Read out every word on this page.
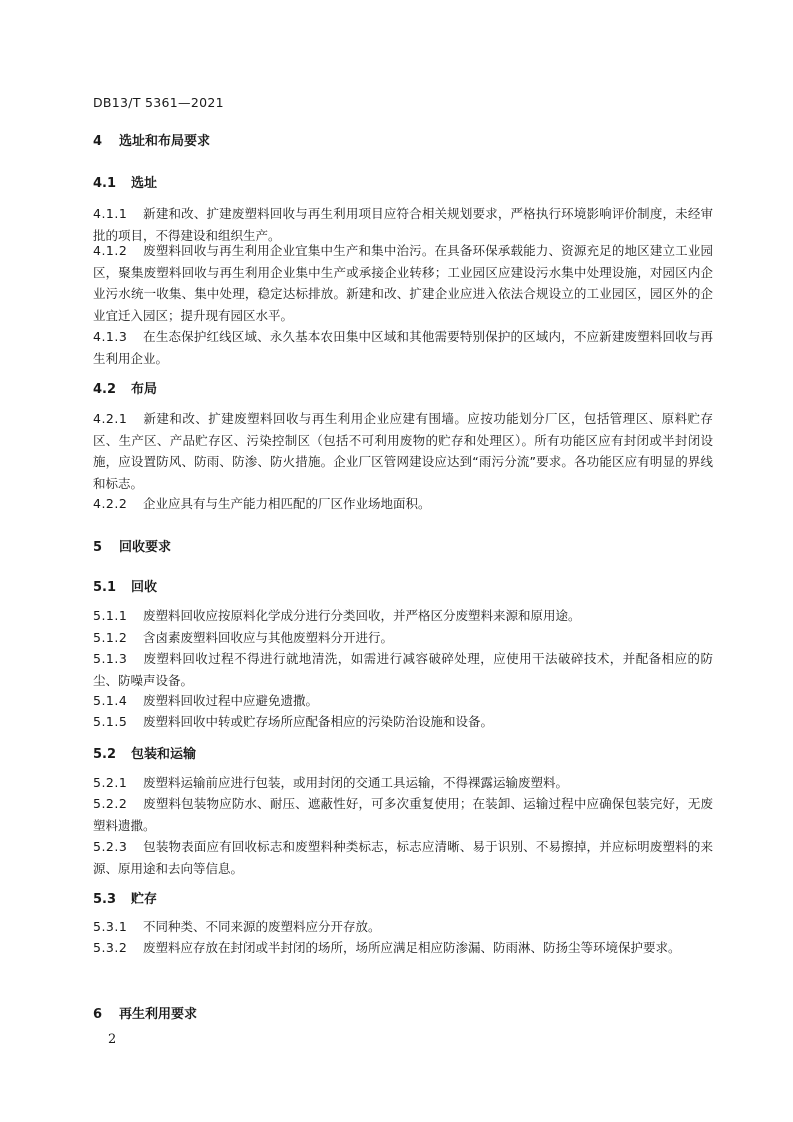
DB13/T 5361—2021
4 选址和布局要求
4.1 选址
4.1.1 新建和改、扩建废塑料回收与再生利用项目应符合相关规划要求，严格执行环境影响评价制度，未经审批的项目，不得建设和组织生产。
4.1.2 废塑料回收与再生利用企业宜集中生产和集中治污。在具备环保承载能力、资源充足的地区建立工业园区，聚集废塑料回收与再生利用企业集中生产或承接企业转移；工业园区应建设污水集中处理设施，对园区内企业污水统一收集、集中处理，稳定达标排放。新建和改、扩建企业应进入依法合规设立的工业园区，园区外的企业宜迁入园区；提升现有园区水平。
4.1.3 在生态保护红线区域、永久基本农田集中区域和其他需要特别保护的区域内，不应新建废塑料回收与再生利用企业。
4.2 布局
4.2.1 新建和改、扩建废塑料回收与再生利用企业应建有围墙。应按功能划分厂区，包括管理区、原料贮存区、生产区、产品贮存区、污染控制区（包括不可利用废物的贮存和处理区）。所有功能区应有封闭或半封闭设施，应设置防风、防雨、防渗、防火措施。企业厂区管网建设应达到“雨污分流”要求。各功能区应有明显的界线和标志。
4.2.2 企业应具有与生产能力相匹配的厂区作业场地面积。
5 回收要求
5.1 回收
5.1.1 废塑料回收应按原料化学成分进行分类回收，并严格区分废塑料来源和原用途。
5.1.2 含卤素废塑料回收应与其他废塑料分开进行。
5.1.3 废塑料回收过程不得进行就地清洗，如需进行减容破碎处理，应使用干法破碎技术，并配备相应的防尘、防噪声设备。
5.1.4 废塑料回收过程中应避免遗撒。
5.1.5 废塑料回收中转或贮存场所应配备相应的污染防治设施和设备。
5.2 包装和运输
5.2.1 废塑料运输前应进行包装，或用封闭的交通工具运输，不得裸露运输废塑料。
5.2.2 废塑料包装物应防水、耐压、遮蔽性好，可多次重复使用；在装卸、运输过程中应确保包装完好，无废塑料遗撒。
5.2.3 包装物表面应有回收标志和废塑料种类标志，标志应清晰、易于识别、不易擦掉，并应标明废塑料的来源、原用途和去向等信息。
5.3 贮存
5.3.1 不同种类、不同来源的废塑料应分开存放。
5.3.2 废塑料应存放在封闭或半封闭的场所，场所应满足相应防渗漏、防雨淋、防扬尘等环境保护要求。
6 再生利用要求
2
